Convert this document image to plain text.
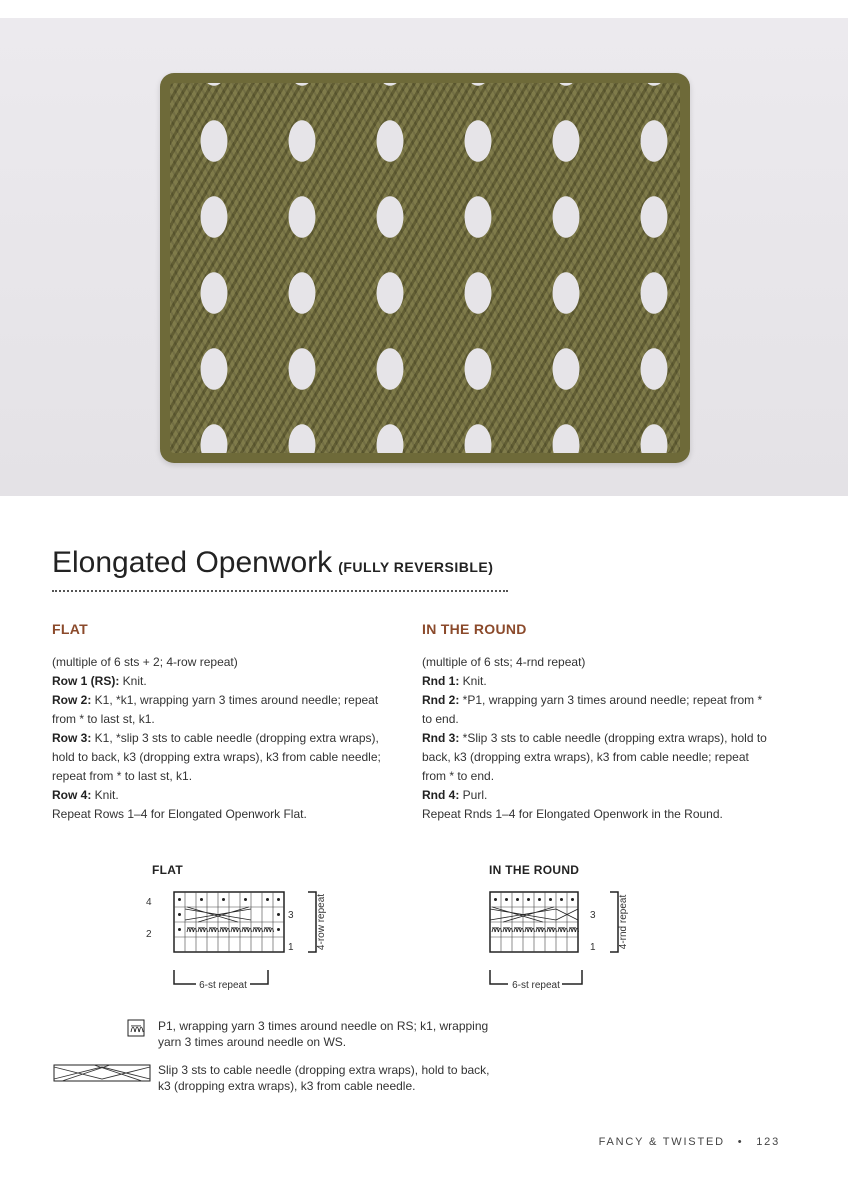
Elongated Openwork (FULLY REVERSIBLE)
FLAT

(multiple of 6 sts + 2; 4-row repeat)

Row 1 (RS): Knit.

Row 2: K1, *k1, wrapping yarn 3 times around needle; repeat from * to last st, k1.

Row 3: K1, *slip 3 sts to cable needle (dropping extra wraps), hold to back, k3 (dropping extra wraps), k3 from cable needle; repeat from * to last st, k1.

Row 4: Knit.

Repeat Rows 1–4 for Elongated Openwork Flat.

IN THE ROUND

(multiple of 6 sts; 4-rnd repeat)

Rnd 1: Knit.

Rnd 2: *P1, wrapping yarn 3 times around needle; repeat from * to end.

Rnd 3: *Slip 3 sts to cable needle (dropping extra wraps), hold to back, k3 (dropping extra wraps), k3 from cable needle; repeat from * to end.

Rnd 4: Purl.

Repeat Rnds 1–4 for Elongated Openwork in the Round.

FLAT
4
2
3
1 4-row repeat
6-st repeat
IN THE ROUND
3
1 4-rnd repeat
6-st repeat
P1, wrapping yarn 3 times around needle on RS; k1, wrapping yarn 3 times around needle on WS.
Slip 3 sts to cable needle (dropping extra wraps), hold to back, k3 (dropping extra wraps), k3 from cable needle.
FANCY & TWISTED • 123
